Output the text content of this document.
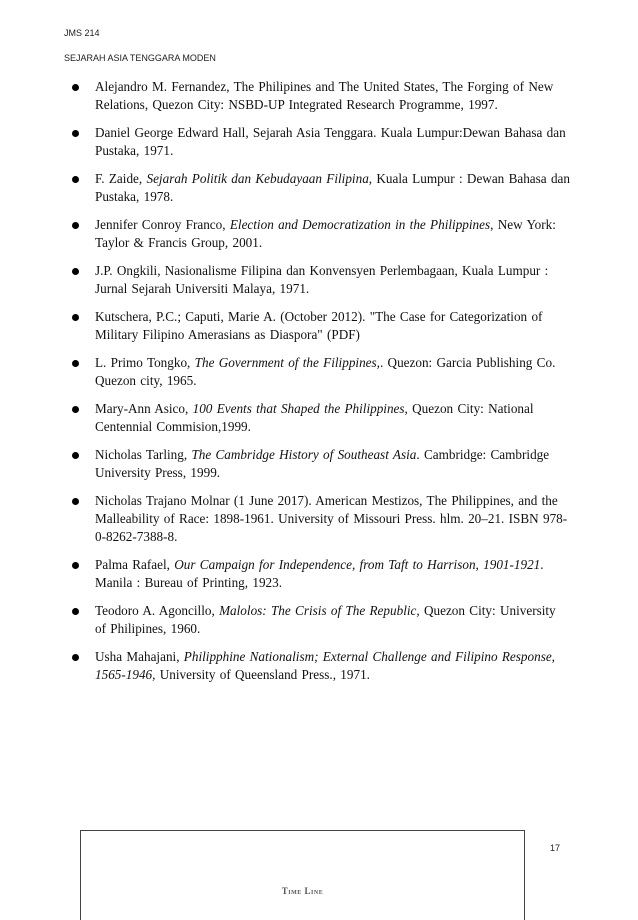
JMS 214
SEJARAH ASIA TENGGARA MODEN
Alejandro M. Fernandez, The Philipines and The United States, The Forging of New Relations, Quezon City: NSBD-UP Integrated Research Programme, 1997.
Daniel George Edward Hall, Sejarah Asia Tenggara. Kuala Lumpur:Dewan Bahasa dan Pustaka, 1971.
F. Zaide, Sejarah Politik dan Kebudayaan Filipina, Kuala Lumpur : Dewan Bahasa dan Pustaka, 1978.
Jennifer Conroy Franco, Election and Democratization in the Philippines, New York: Taylor & Francis Group, 2001.
J.P. Ongkili, Nasionalisme Filipina dan Konvensyen Perlembagaan, Kuala Lumpur : Jurnal Sejarah Universiti Malaya, 1971.
Kutschera, P.C.; Caputi, Marie A. (October 2012). "The Case for Categorization of Military Filipino Amerasians as Diaspora" (PDF)
L. Primo Tongko, The Government of the Filippines,. Quezon: Garcia Publishing Co. Quezon city, 1965.
Mary-Ann Asico, 100 Events that Shaped the Philippines, Quezon City: National Centennial Commision,1999.
Nicholas Tarling, The Cambridge History of Southeast Asia. Cambridge: Cambridge University Press, 1999.
Nicholas Trajano Molnar (1 June 2017). American Mestizos, The Philippines, and the Malleability of Race: 1898-1961. University of Missouri Press. hlm. 20–21. ISBN 978-0-8262-7388-8.
Palma Rafael, Our Campaign for Independence, from Taft to Harrison, 1901-1921. Manila : Bureau of Printing, 1923.
Teodoro A. Agoncillo, Malolos: The Crisis of The Republic, Quezon City: University of Philipines, 1960.
Usha Mahajani, Philipphine Nationalism; External Challenge and Filipino Response, 1565-1946, University of Queensland Press., 1971.
17
Time Line
